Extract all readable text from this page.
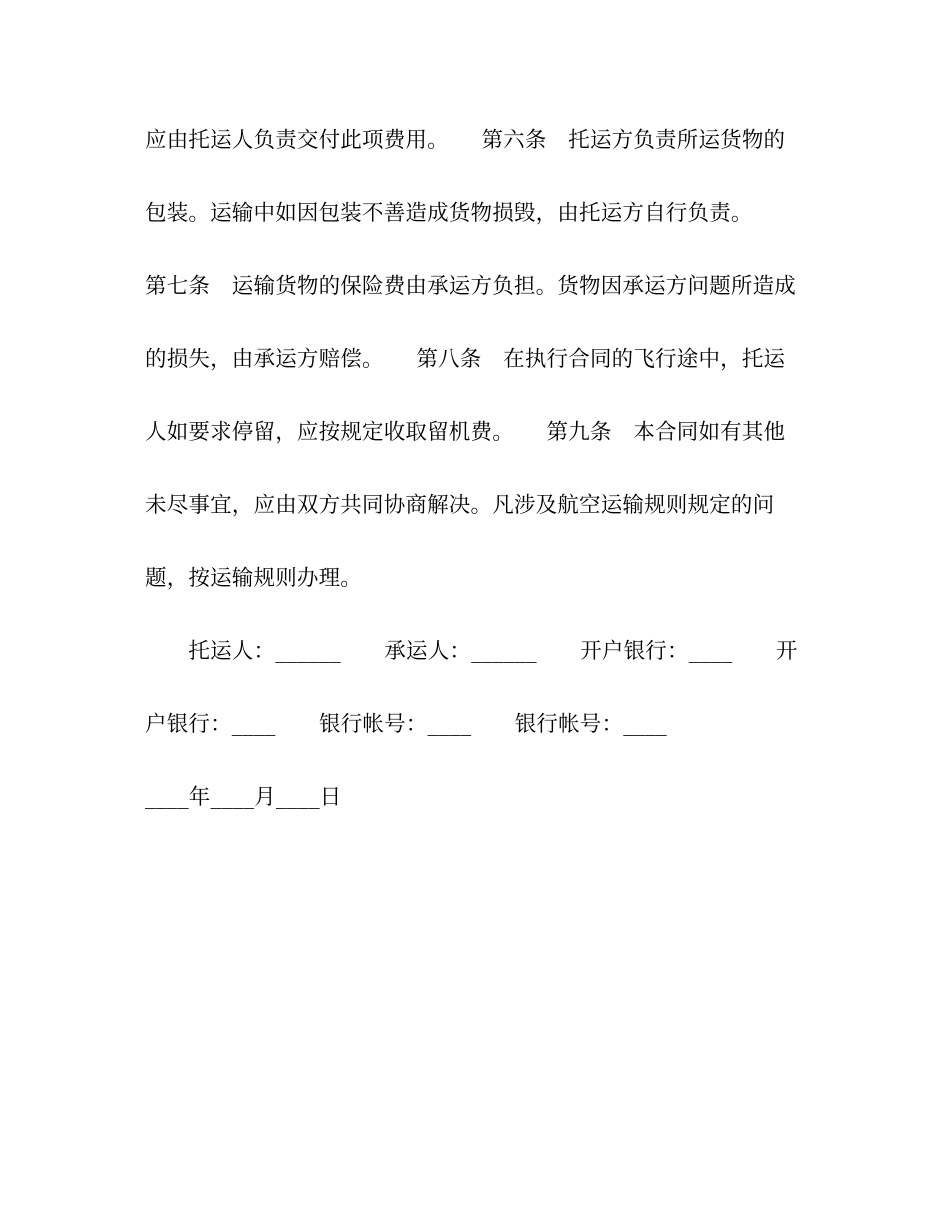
应由托运人负责交付此项费用。　　第六条　托运方负责所运货物的
包装。运输中如因包装不善造成货物损毁，由托运方自行负责。
第七条　运输货物的保险费由承运方负担。货物因承运方问题所造成
的损失，由承运方赔偿。　　第八条　在执行合同的飞行途中，托运
人如要求停留，应按规定收取留机费。　　第九条　本合同如有其他
未尽事宜，应由双方共同协商解决。凡涉及航空运输规则规定的问
题，按运输规则办理。
　　托运人：______　　承运人：______　　开户银行：____　　开
户银行：____　　银行帐号：____　　银行帐号：____
____年____月____日
